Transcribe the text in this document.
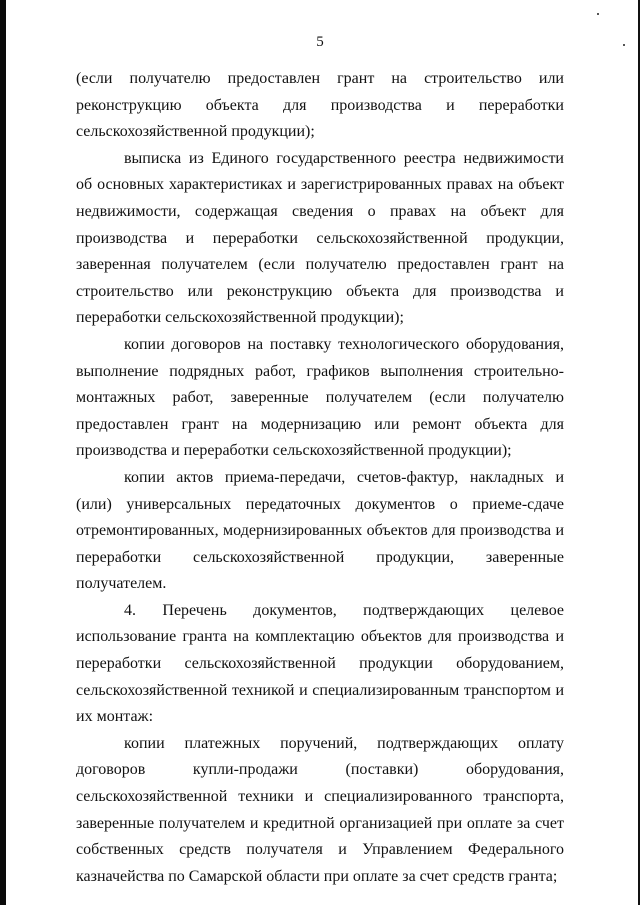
5

(если получателю предоставлен грант на строительство или реконструкцию объекта для производства и переработки сельскохозяйственной продукции);

выписка из Единого государственного реестра недвижимости об основных характеристиках и зарегистрированных правах на объект недвижимости, содержащая сведения о правах на объект для производства и переработки сельскохозяйственной продукции, заверенная получателем (если получателю предоставлен грант на строительство или реконструкцию объекта для производства и переработки сельскохозяйственной продукции);

копии договоров на поставку технологического оборудования, выполнение подрядных работ, графиков выполнения строительно-монтажных работ, заверенные получателем (если получателю предоставлен грант на модернизацию или ремонт объекта для производства и переработки сельскохозяйственной продукции);

копии актов приема-передачи, счетов-фактур, накладных и (или) универсальных передаточных документов о приеме-сдаче отремонтированных, модернизированных объектов для производства и переработки сельскохозяйственной продукции, заверенные получателем.

4. Перечень документов, подтверждающих целевое использование гранта на комплектацию объектов для производства и переработки сельскохозяйственной продукции оборудованием, сельскохозяйственной техникой и специализированным транспортом и их монтаж:

копии платежных поручений, подтверждающих оплату договоров купли-продажи (поставки) оборудования, сельскохозяйственной техники и специализированного транспорта, заверенные получателем и кредитной организацией при оплате за счет собственных средств получателя и Управлением Федерального казначейства по Самарской области при оплате за счет средств гранта;
